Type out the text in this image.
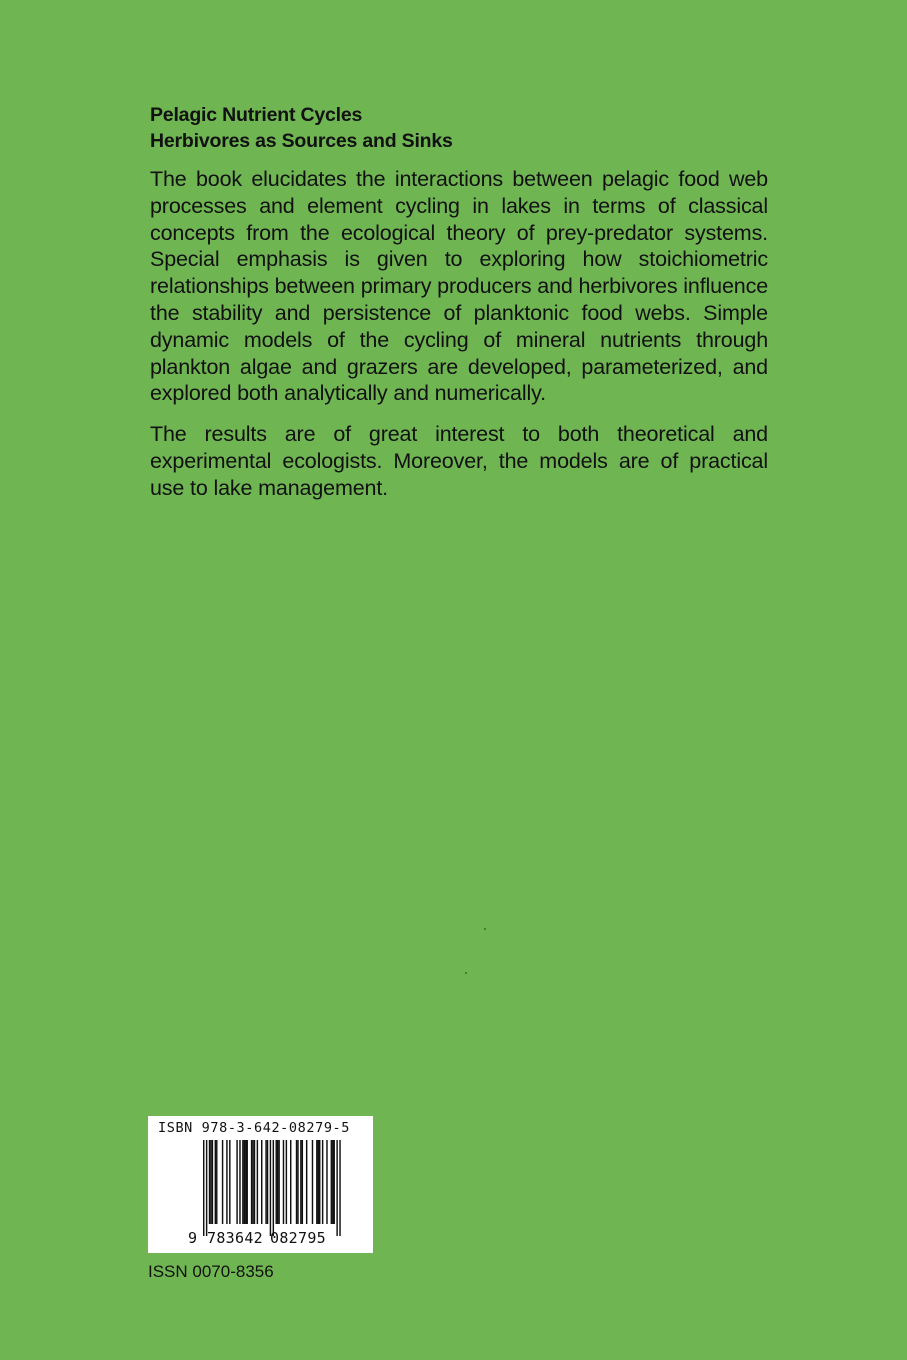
Pelagic Nutrient Cycles
Herbivores as Sources and Sinks

The book elucidates the interactions between pelagic food web processes and element cycling in lakes in terms of classical concepts from the ecological theory of prey-predator systems. Special emphasis is given to exploring how stoichiometric relationships between primary producers and herbivores influence the stability and persistence of planktonic food webs. Simple dynamic models of the cycling of mineral nutrients through plankton algae and grazers are developed, parameterized, and explored both analytically and numerically.

The results are of great interest to both theoretical and experimental ecologists. Moreover, the models are of practical use to lake management.

ISBN 978-3-642-08279-5
9 783642 082795
ISSN 0070-8356
